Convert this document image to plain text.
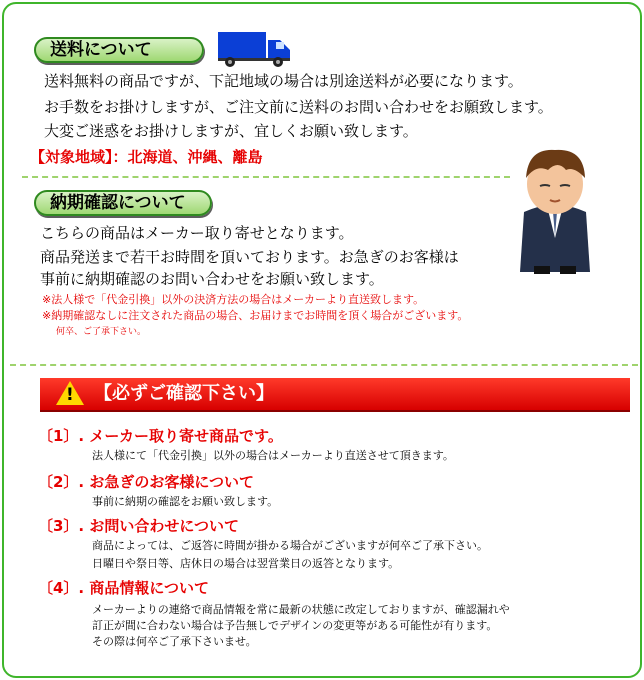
送料について
送料無料の商品ですが、下記地域の場合は別途送料が必要になります。
お手数をお掛けしますが、ご注文前に送料のお問い合わせをお願致します。
大変ご迷惑をお掛けしますが、宜しくお願い致します。
【対象地域】：北海道、沖縄、離島
納期確認について
こちらの商品はメーカー取り寄せとなります。
商品発送まで若干お時間を頂いております。お急ぎのお客様は
事前に納期確認のお問い合わせをお願い致します。
※法人様で「代金引換」以外の決済方法の場合はメーカーより直送致します。
※納期確認なしに注文された商品の場合、お届けまでお時間を頂く場合がございます。
何卒、ご了承下さい。
! 【必ずご確認下さい】
〔1〕. メーカー取り寄せ商品です。
法人様にて「代金引換」以外の場合はメーカーより直送させて頂きます。
〔2〕. お急ぎのお客様について
事前に納期の確認をお願い致します。
〔3〕. お問い合わせについて
商品によっては、ご返答に時間が掛かる場合がございますが何卒ご了承下さい。
日曜日や祭日等、店休日の場合は翌営業日の返答となります。
〔4〕. 商品情報について
メーカーよりの連絡で商品情報を常に最新の状態に改定しておりますが、確認漏れや
訂正が間に合わない場合は予告無しでデザインの変更等がある可能性が有ります。
その際は何卒ご了承下さいませ。
